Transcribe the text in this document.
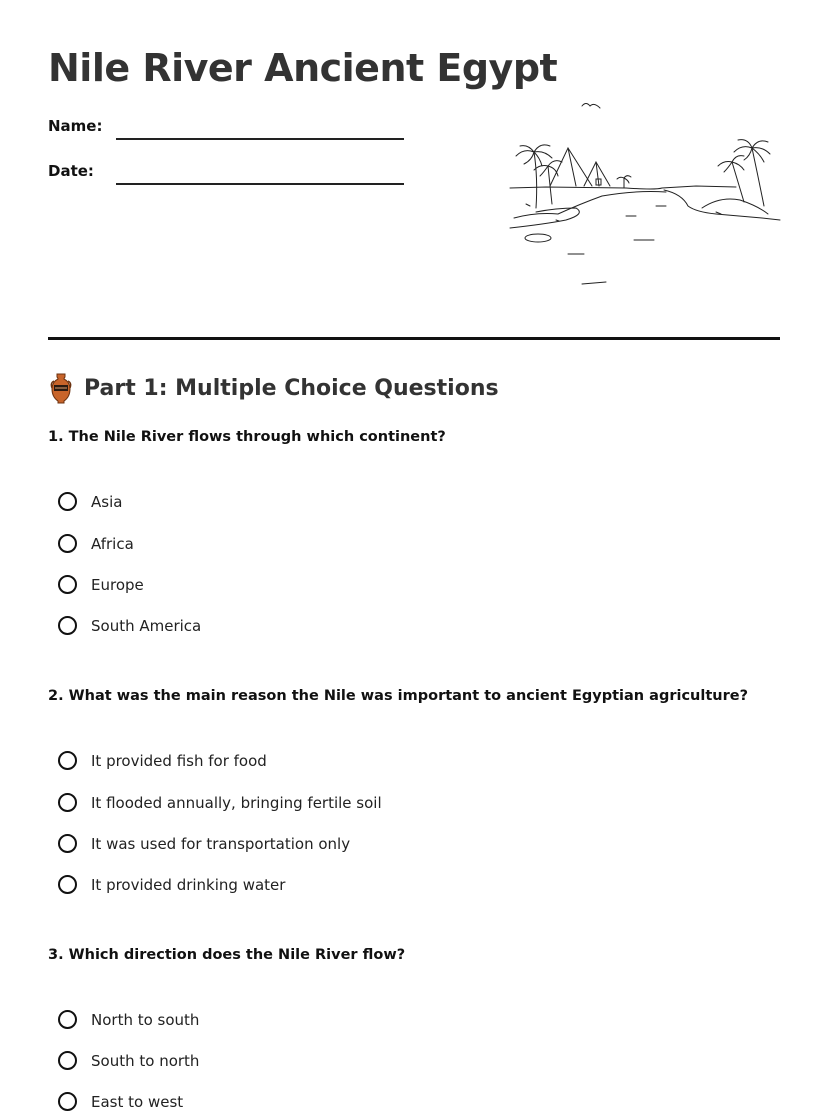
Nile River Ancient Egypt
Name:
Date:
Part 1: Multiple Choice Questions
1. The Nile River flows through which continent?
Asia
Africa
Europe
South America
2. What was the main reason the Nile was important to ancient Egyptian agriculture?
It provided fish for food
It flooded annually, bringing fertile soil
It was used for transportation only
It provided drinking water
3. Which direction does the Nile River flow?
North to south
South to north
East to west
